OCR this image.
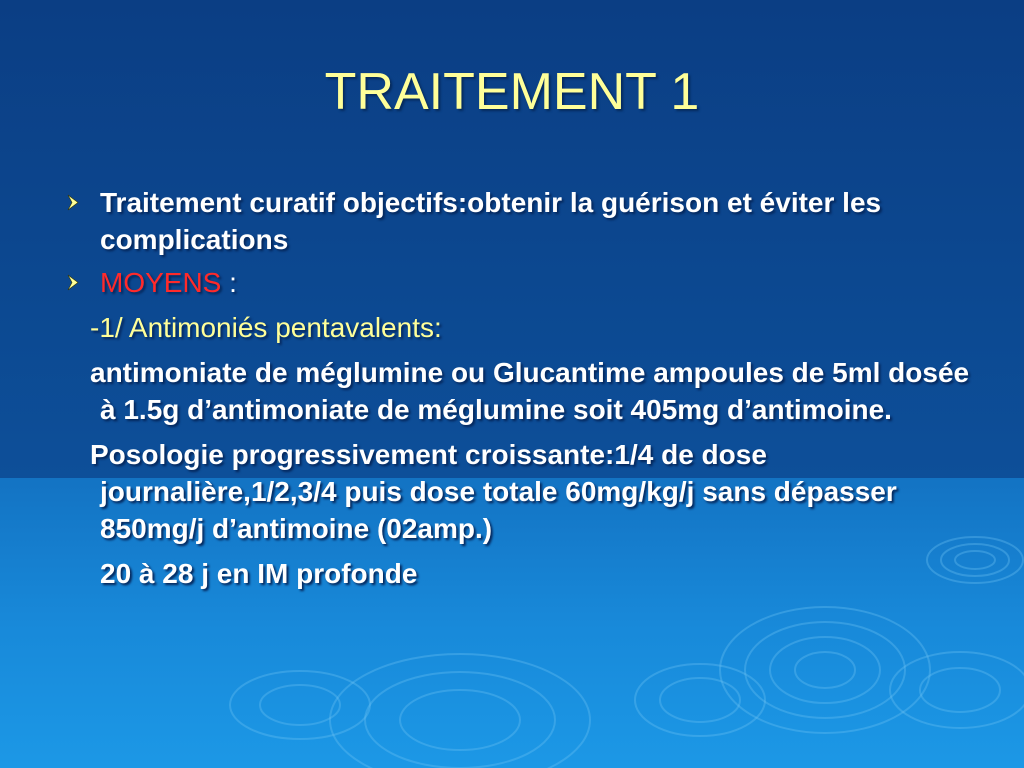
TRAITEMENT 1
Traitement curatif objectifs:obtenir la guérison et éviter les complications
MOYENS :
-1/ Antimoniés pentavalents:
antimoniate de méglumine ou Glucantime ampoules de 5ml dosée à 1.5g d’antimoniate de méglumine soit 405mg d’antimoine.
Posologie progressivement croissante:1/4 de dose journalière,1/2,3/4 puis dose totale 60mg/kg/j sans dépasser 850mg/j d’antimoine (02amp.)
20 à 28 j en IM profonde
